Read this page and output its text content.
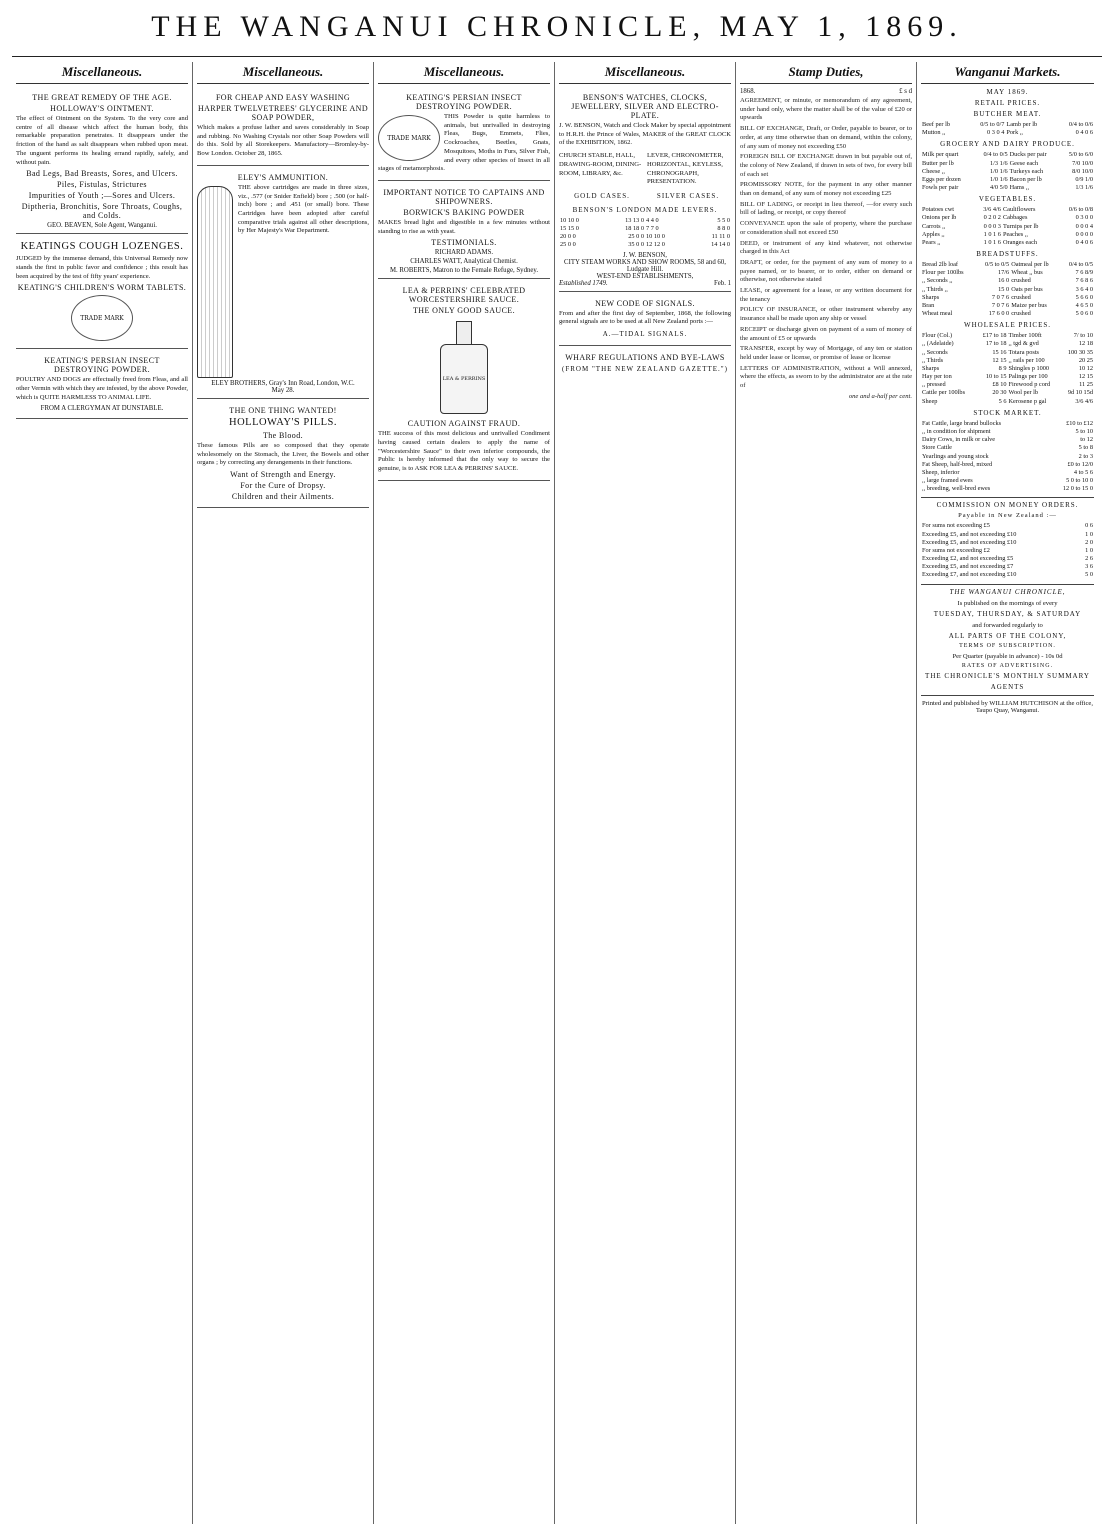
THE WANGANUI CHRONICLE, MAY 1, 1869.
Miscellaneous.
THE GREAT REMEDY OF THE AGE.
HOLLOWAY'S OINTMENT.

The effect of Ointment on the System. To the very core and centre of all disease which affect the human body, this remarkable preparation penetrates. It disappears under the friction of the hand as salt disappears when rubbed upon meat. The unguent performs its healing errand rapidly, safely, and without pain.

Bad Legs, Bad Breasts, Sores, and Ulcers.

Piles, Fistulas, Strictures

Impurities of Youth ;—Sores and Ulcers.

Diptheria, Bronchitis, Sore Throats, Coughs, and Colds.

GEO. BEAVEN, Sole Agent, Wanganui.
KEATINGS COUGH LOZENGES.

JUDGED by the immense demand, this Universal Remedy now stands the first in public favor and confidence ; this result has been acquired by the test of fifty years' experience.

KEATING'S CHILDREN'S WORM TABLETS.

TRADE MARK
KEATING'S PERSIAN INSECT DESTROYING POWDER.

POULTRY AND DOGS are effectually freed from Fleas, and all other Vermin with which they are infested, by the above Powder, which is QUITE HARMLESS TO ANIMAL LIFE.

FROM A CLERGYMAN AT DUNSTABLE.

Miscellaneous.
FOR CHEAP AND EASY WASHING
HARPER TWELVETREES' GLYCERINE AND SOAP POWDER,

Which makes a profuse lather and saves considerably in Soap and rubbing. No Washing Crystals nor other Soap Powders will do this. Sold by all Storekeepers. Manufactory—Bromley-by-Bow London. October 28, 1865.

ELEY'S AMMUNITION.

THE above cartridges are made in three sizes, viz., .577 (or Snider Enfield) bore ; .500 (or half-inch) bore ; and .451 (or small) bore. These Cartridges have been adopted after careful comparative trials against all other descriptions, by Her Majesty's War Department.

ELEY BROTHERS, Gray's Inn Road, London, W.C.
May 28.
THE ONE THING WANTED!
HOLLOWAY'S PILLS.
The Blood.

These famous Pills are so composed that they operate wholesomely on the Stomach, the Liver, the Bowels and other organs ; by correcting any derangements in their functions.

Want of Strength and Energy.

For the Cure of Dropsy.

Children and their Ailments.

Miscellaneous.
KEATING'S PERSIAN INSECT DESTROYING POWDER.
TRADE MARK

THIS Powder is quite harmless to animals, but unrivalled in destroying Fleas, Bugs, Emmets, Flies, Cockroaches, Beetles, Gnats, Mosquitoes, Moths in Furs, Silver Fish, and every other species of Insect in all stages of metamorphosis.

IMPORTANT NOTICE TO CAPTAINS AND SHIPOWNERS.
BORWICK'S BAKING POWDER

MAKES bread light and digestible in a few minutes without standing to rise as with yeast.

TESTIMONIALS.

RICHARD ADAMS.

CHARLES WATT, Analytical Chemist.

M. ROBERTS, Matron to the Female Refuge, Sydney.
LEA & PERRINS' CELEBRATED WORCESTERSHIRE SAUCE.
THE ONLY GOOD SAUCE.
LEA & PERRINS
CAUTION AGAINST FRAUD.

THE success of this most delicious and unrivalled Condiment having caused certain dealers to apply the name of "Worcestershire Sauce" to their own inferior compounds, the Public is hereby informed that the only way to secure the genuine, is to ASK FOR LEA & PERRINS' SAUCE.

Miscellaneous.
BENSON'S WATCHES, CLOCKS, JEWELLERY, SILVER AND ELECTRO-PLATE.

J. W. BENSON, Watch and Clock Maker by special appointment to H.R.H. the Prince of Wales, MAKER of the GREAT CLOCK of the EXHIBITION, 1862.

CHURCH STABLE, HALL, DRAWING-ROOM, DINING-ROOM, LIBRARY, &c.

LEVER, CHRONOMETER, HORIZONTAL, KEYLESS, CHRONOGRAPH, PRESENTATION.

GOLD CASES.	SILVER CASES.
BENSON'S LONDON MADE LEVERS.
10 10 0	13 13 0	4 4 0	5 5 0
15 15 0	18 18 0	7 7 0	8 8 0
20 0 0	25 0 0	10 10 0	11 11 0
25 0 0	35 0 0	12 12 0	14 14 0

J. W. BENSON,
CITY STEAM WORKS AND SHOW ROOMS, 58 and 60, Ludgate Hill.
WEST-END ESTABLISHMENTS,
Established 1749.	Feb. 1
NEW CODE OF SIGNALS.

From and after the first day of September, 1868, the following general signals are to be used at all New Zealand ports :—

A.—TIDAL SIGNALS.

WHARF REGULATIONS AND BYE-LAWS
(FROM "THE NEW ZEALAND GAZETTE.")

Stamp Duties,
1868.	£ s d

AGREEMENT, or minute, or memorandum of any agreement, under hand only, where the matter shall be of the value of £20 or upwards

BILL OF EXCHANGE, Draft, or Order, payable to bearer, or to order, at any time otherwise than on demand, within the colony, of any sum of money not exceeding £50

FOREIGN BILL OF EXCHANGE drawn in but payable out of, the colony of New Zealand, if drawn in sets of two, for every bill of each set

PROMISSORY NOTE, for the payment in any other manner than on demand, of any sum of money not exceeding £25

BILL OF LADING, or receipt in lieu thereof, —for every such bill of lading, or receipt, or copy thereof

CONVEYANCE upon the sale of property, where the purchase or consideration shall not exceed £50

DEED, or instrument of any kind whatever, not otherwise charged in this Act

DRAFT, or order, for the payment of any sum of money to a payee named, or to bearer, or to order, either on demand or otherwise, not otherwise stated

LEASE, or agreement for a lease, or any written document for the tenancy

POLICY OF INSURANCE, or other instrument whereby any insurance shall be made upon any ship or vessel

RECEIPT or discharge given on payment of a sum of money of the amount of £5 or upwards

TRANSFER, except by way of Mortgage, of any ten or station held under lease or license, or promise of lease or license

LETTERS OF ADMINISTRATION, without a Will annexed, where the effects, as sworn to by the administrator are at the rate of

one and a-half per cent.

Wanganui Markets.
MAY 1869.
RETAIL PRICES.
BUTCHER MEAT.
Beef per lb	0/5 to 0/7	Lamb per lb	0/4 to 0/6
Mutton ,,	0 3 0 4	Pork ,,	0 4 0 6
GROCERY AND DAIRY PRODUCE.
Milk per quart	0/4 to 0/5	Ducks per pair	5/0 to 6/0
Butter per lb	1/3 1/6	Geese each	7/0 10/0
Cheese ,,	1/0 1/6	Turkeys each	8/0 10/0
Eggs per dozen	1/0 1/6	Bacon per lb	0/9 1/0
Fowls per pair	4/0 5/0	Hams ,,	1/3 1/6
VEGETABLES.
Potatoes cwt	3/6 4/6	Cauliflowers	0/6 to 0/8
Onions per lb	0 2 0 2	Cabbages	0 3 0 0
Carrots ,,	0 0 0 3	Turnips per lb	0 0 0 4
Apples ,,	1 0 1 6	Peaches ,,	0 0 0 0
Pears ,,	1 0 1 6	Oranges each	0 4 0 6
BREADSTUFFS.
Bread 2lb loaf	0/5 to 0/5	Oatmeal per lb	0/4 to 0/5
Flour per 100lbs	17/6	Wheat ,, bus	7 6 8/9
,, Seconds ,,	16 0	crushed	7 6 8 6
,, Thirds ,,	15 0	Oats per bus	3 6 4 0
Sharps	7 0 7 6	crushed	5 6 6 0
Bran	7 0 7 6	Maize per bus	4 6 5 0
Wheat meal	17 6 0 0	crushed	5 0 6 0
WHOLESALE PRICES.
Flour (Col.)	£17 to 18	Timber 100ft	7/ to 10
,, (Adelaide)	17 to 18	,, tgd & gvd	12 18
,, Seconds	15 16	Totara posts	100 30 35
,, Thirds	12 15	,, rails per 100	20 25
Sharps	8 9	Shingles p 1000	10 12
Hay per ton	10 to 15	Palings per 100	12 15
,, pressed	£8 10	Firewood p cord	11 25
Cattle per 100lbs	20 30	Wool per lb	9d 10 15d
Sheep	5 6	Kerosene p gal	3/6 4/6
STOCK MARKET.
Fat Cattle, large brand bullocks	£10 to £12
,, in condition for shipment	5 to 10
Dairy Cows, in milk or calve	to 12
Store Cattle	5 to 8
Yearlings and young stock	2 to 3
Fat Sheep, half-bred, mixed	£0 to 12/0
Sheep, inferior	4 to 5 6
,, large framed ewes	5 0 to 10 0
,, breeding, well-bred ewes	12 0 to 15 0
COMMISSION ON MONEY ORDERS.
Payable in New Zealand :—
For sums not exceeding £5	0 6
Exceeding £5, and not exceeding £10	1 0
Exceeding £5, and not exceeding £10	2 0
For sums not exceeding £2	1 0
Exceeding £2, and not exceeding £5	2 6
Exceeding £5, and not exceeding £7	3 6
Exceeding £7, and not exceeding £10	5 0
THE WANGANUI CHRONICLE,
Is published on the mornings of every
TUESDAY, THURSDAY, & SATURDAY
and forwarded regularly to
ALL PARTS OF THE COLONY,
TERMS OF SUBSCRIPTION.
Per Quarter (payable in advance) - 10s 0d
RATES OF ADVERTISING.

THE CHRONICLE'S MONTHLY SUMMARY

AGENTS

Printed and published by WILLIAM HUTCHISON at the office, Taupo Quay, Wanganui.
